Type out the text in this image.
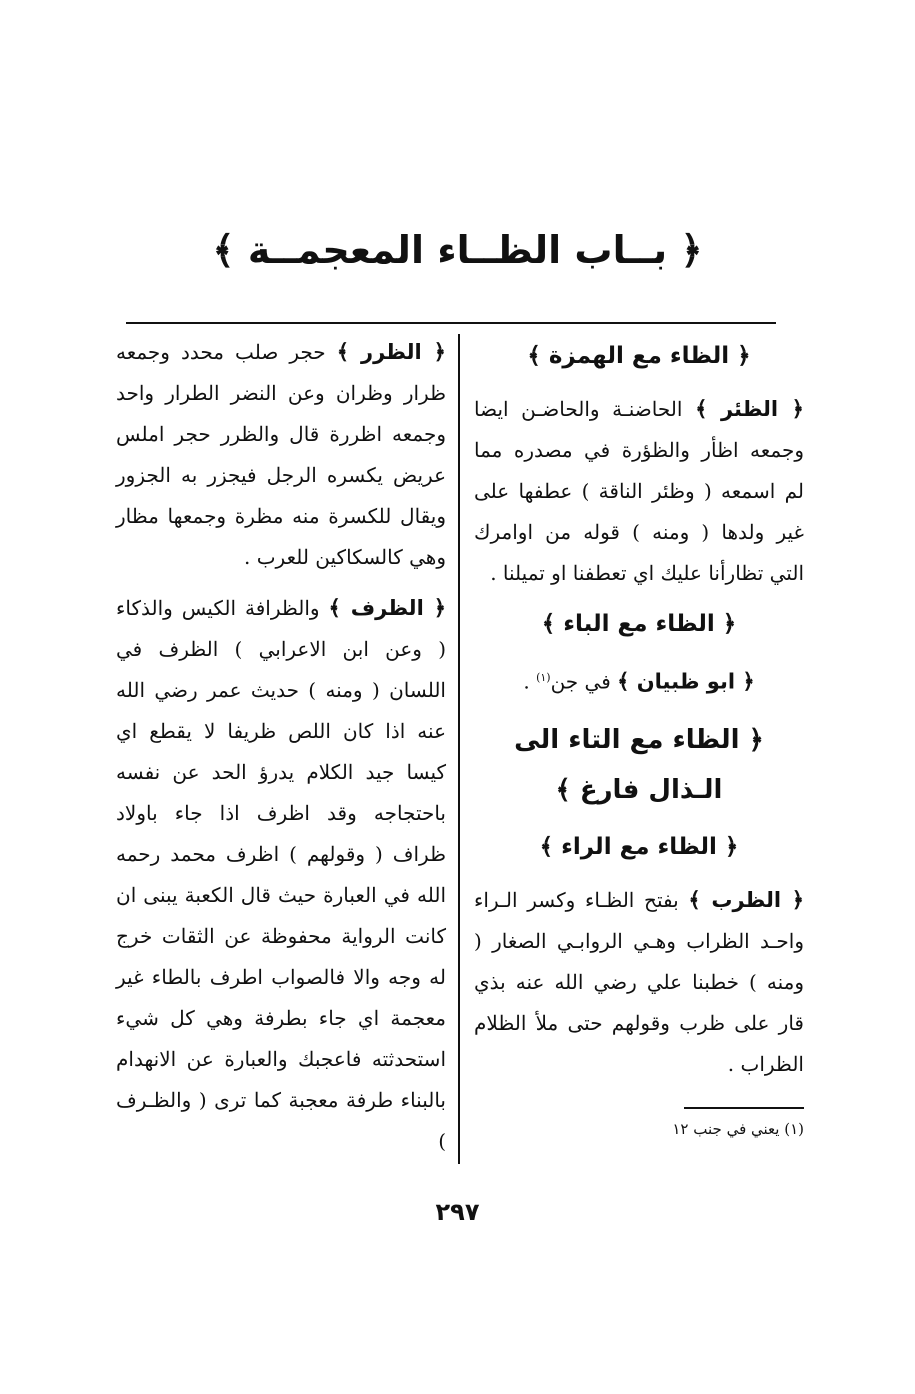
﴿ بــاب الظــاء المعجمــة ﴾
﴿ الظاء مع الهمزة ﴾

﴿ الظئر ﴾ الحاضنـة والحاضـن ايضا وجمعه اظأر والظؤرة في مصدره مما لم اسمعه ( وظئر الناقة ) عطفها على غير ولدها ( ومنه ) قوله من اوامرك التي تظارأنا عليك اي تعطفنا او تميلنا .

﴿ الظاء مع الباء ﴾

﴿ ابو ظبيان ﴾ في جن$^{(١)}$ .

﴿ الظاء مع التاء الى الـذال فارغ ﴾
﴿ الظاء مع الراء ﴾

﴿ الظرب ﴾ بفتح الظـاء وكسر الـراء واحـد الظراب وهـي الروابـي الصغار ( ومنه ) خطبنا علي رضي الله عنه بذي قار على ظرب وقولهم حتى ملأ الظلام الظراب .

(١) يعني في جنب ١٢

﴿ الظرر ﴾ حجر صلب محدد وجمعه ظرار وظران وعن النضر الطرار واحد وجمعه اظررة قال والظرر حجر املس عريض يكسره الرجل فيجزر به الجزور ويقال للكسرة منه مظرة وجمعها مظار وهي كالسكاكين للعرب .

﴿ الظرف ﴾ والظرافة الكيس والذكاء ( وعن ابن الاعرابي ) الظرف في اللسان ( ومنه ) حديث عمر رضي الله عنه اذا كان اللص ظريفا لا يقطع اي كيسا جيد الكلام يدرؤ الحد عن نفسه باحتجاجه وقد اظرف اذا جاء باولاد ظراف ( وقولهم ) اظرف محمد رحمه الله في العبارة حيث قال الكعبة يبنى ان كانت الرواية محفوظة عن الثقات خرج له وجه والا فالصواب اطرف بالطاء غير معجمة اي جاء بطرفة وهي كل شيء استحدثته فاعجبك والعبارة عن الانهدام بالبناء طرفة معجبة كما ترى ( والظـرف )

٢٩٧
